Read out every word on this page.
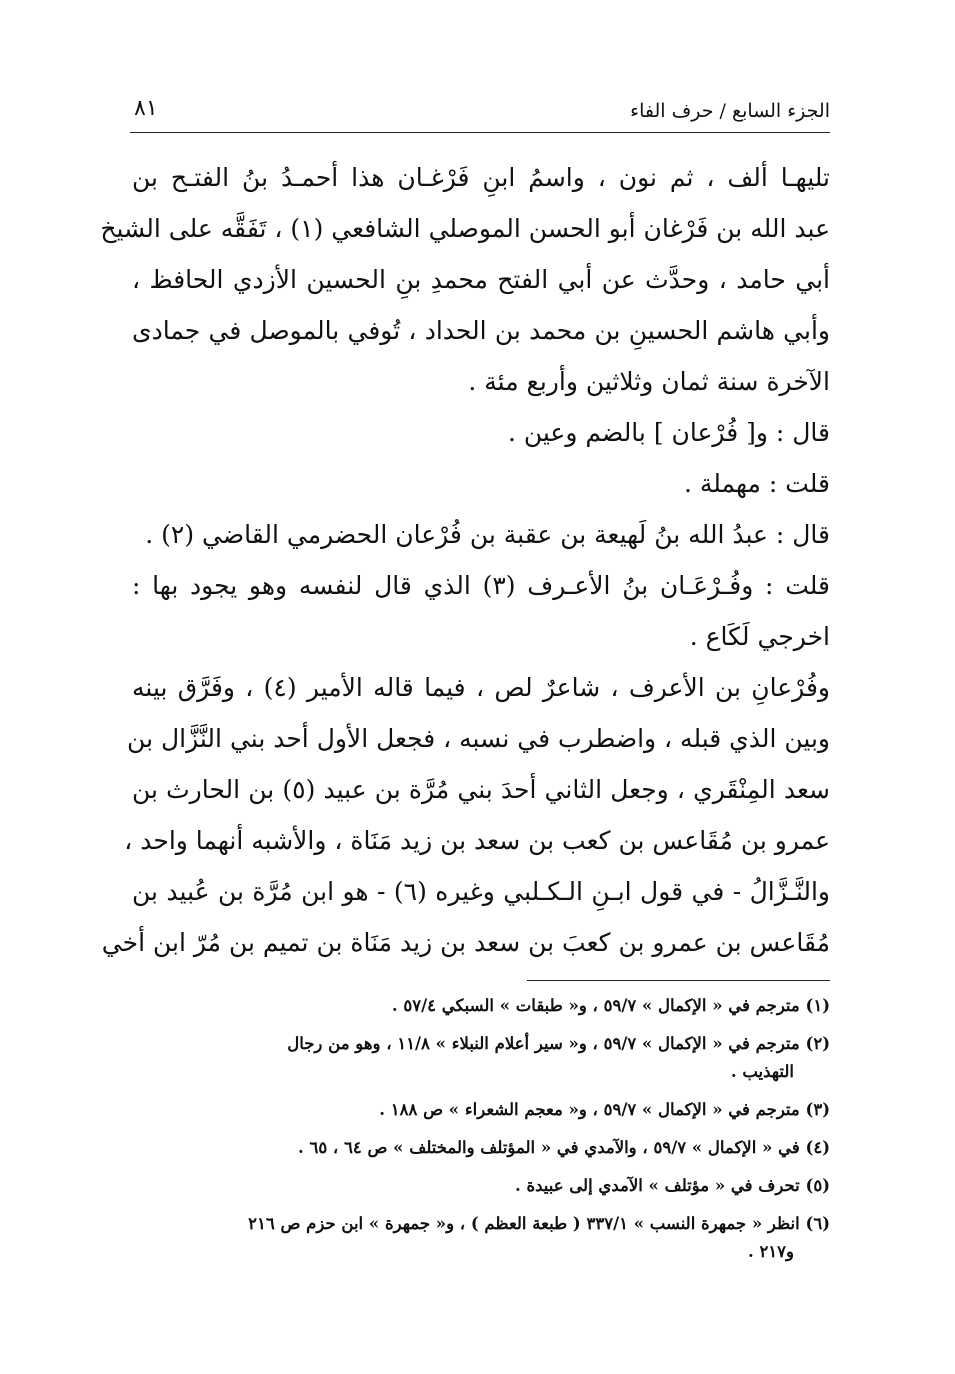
الجزء السابع / حرف الفاء
٨١
تليهـا ألف ، ثم نون ، واسمُ ابنِ فَرْغـان هذا أحمـدُ بنُ الفتـح بن
عبد الله بن فَرْغان أبو الحسن الموصلي الشافعي (١) ، تَفَقَّه على الشيخ
أبي حامد ، وحدَّث عن أبي الفتح محمدِ بنِ الحسين الأزدي الحافظ ،
وأبي هاشم الحسينِ بن محمد بن الحداد ، تُوفي بالموصل في جمادى
الآخرة سنة ثمان وثلاثين وأربع مئة .
قال : و[ فُرْعان ] بالضم وعين .
قلت : مهملة .
قال : عبدُ الله بنُ لَهيعة بن عقبة بن فُرْعان الحضرمي القاضي (٢) .
قلت : وفُـرْعَـان بنُ الأعـرف (٣) الذي قال لنفسه وهو يجود بها :
اخرجي لَكَاع .
وفُرْعانِ بن الأعرف ، شاعرٌ لص ، فيما قاله الأمير (٤) ، وفَرَّق بينه
وبين الذي قبله ، واضطرب في نسبه ، فجعل الأول أحد بني النَّزَّال بن
سعد المِنْقَري ، وجعل الثاني أحدَ بني مُرَّة بن عبيد (٥) بن الحارث بن
عمرو بن مُقَاعس بن كعب بن سعد بن زيد مَنَاة ، والأشبه أنهما واحد ،
والنَّـزَّالُ - في قول ابـنِ الـكـلبي وغيره (٦) - هو ابن مُرَّة بن عُبيد بن
مُقَاعس بن عمرو بن كعبَ بن سعد بن زيد مَنَاة بن تميم بن مُرّ ابن أخي
(١) مترجم في « الإكمال » ٥٩/٧ ، و« طبقات » السبكي ٥٧/٤ .
(٢) مترجم في « الإكمال » ٥٩/٧ ، و« سير أعلام النبلاء » ١١/٨ ، وهو من رجال
التهذيب .
(٣) مترجم في « الإكمال » ٥٩/٧ ، و« معجم الشعراء » ص ١٨٨ .
(٤) في « الإكمال » ٥٩/٧ ، والآمدي في « المؤتلف والمختلف » ص ٦٤ ، ٦٥ .
(٥) تحرف في « مؤتلف » الآمدي إلى عبيدة .
(٦) انظر « جمهرة النسب » ٣٣٧/١ ( طبعة العظم ) ، و« جمهرة » ابن حزم ص ٢١٦
و٢١٧ .
